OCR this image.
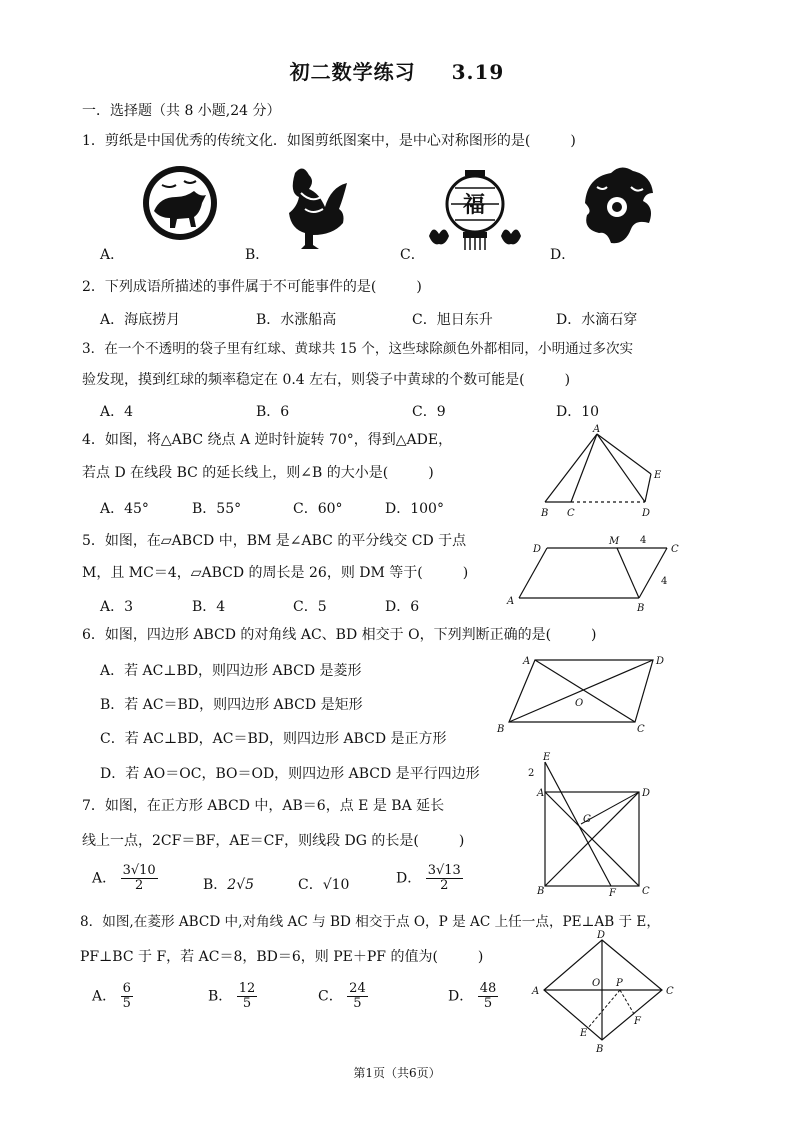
初二数学练习 3.19
一．选择题（共 8 小题,24 分）
1．剪纸是中国优秀的传统文化．如图剪纸图案中，是中心对称图形的是(	)
A．	B．
福
C．	D．
2．下列成语所描述的事件属于不可能事件的是(	)
A．海底捞月	B．水涨船高	C．旭日东升	D．水滴石穿
3．在一个不透明的袋子里有红球、黄球共 15 个，这些球除颜色外都相同，小明通过多次实
验发现，摸到红球的频率稳定在 0.4 左右，则袋子中黄球的个数可能是(	)
A．4	B．6	C．9	D．10
4．如图，将△ABC 绕点 A 逆时针旋转 70°，得到△ADE，
若点 D 在线段 BC 的延长线上，则∠B 的大小是(	)
A．45°	B．55°	C．60°	D．100°
A
E
B C	D
5．如图，在▱ABCD 中，BM 是∠ABC 的平分线交 CD 于点
M，且 MC＝4，▱ABCD 的周长是 26，则 DM 等于(	)
A．3	B．4	C．5	D．6
D
M
C
A
B
4
4
6．如图，四边形 ABCD 的对角线 AC、BD 相交于 O，下列判断正确的是(	)
A．若 AC⊥BD，则四边形 ABCD 是菱形
B．若 AC＝BD，则四边形 ABCD 是矩形
C．若 AC⊥BD，AC＝BD，则四边形 ABCD 是正方形
D．若 AO＝OC，BO＝OD，则四边形 ABCD 是平行四边形
A	D
O
B	C
7．如图，在正方形 ABCD 中，AB＝6，点 E 是 BA 延长
线上一点，2CF＝BF，AE＝CF，则线段 DG 的长是(	)
A． $\frac{3√10}{2}$	B．2√5	C．√10	D． $\frac{3√13}{2}$
E
A	D
G
B	F	C
2
8．如图,在菱形 ABCD 中,对角线 AC 与 BD 相交于点 O，P 是 AC 上任一点，PE⊥AB 于 E，
PF⊥BC 于 F，若 AC＝8，BD＝6，则 PE＋PF 的值为(	)
A． $\frac{6}{5}$	B． $\frac{12}{5}$	C． $\frac{24}{5}$	D． $\frac{48}{5}$
D
A
O P
C
F
E
B
第1页（共6页）
